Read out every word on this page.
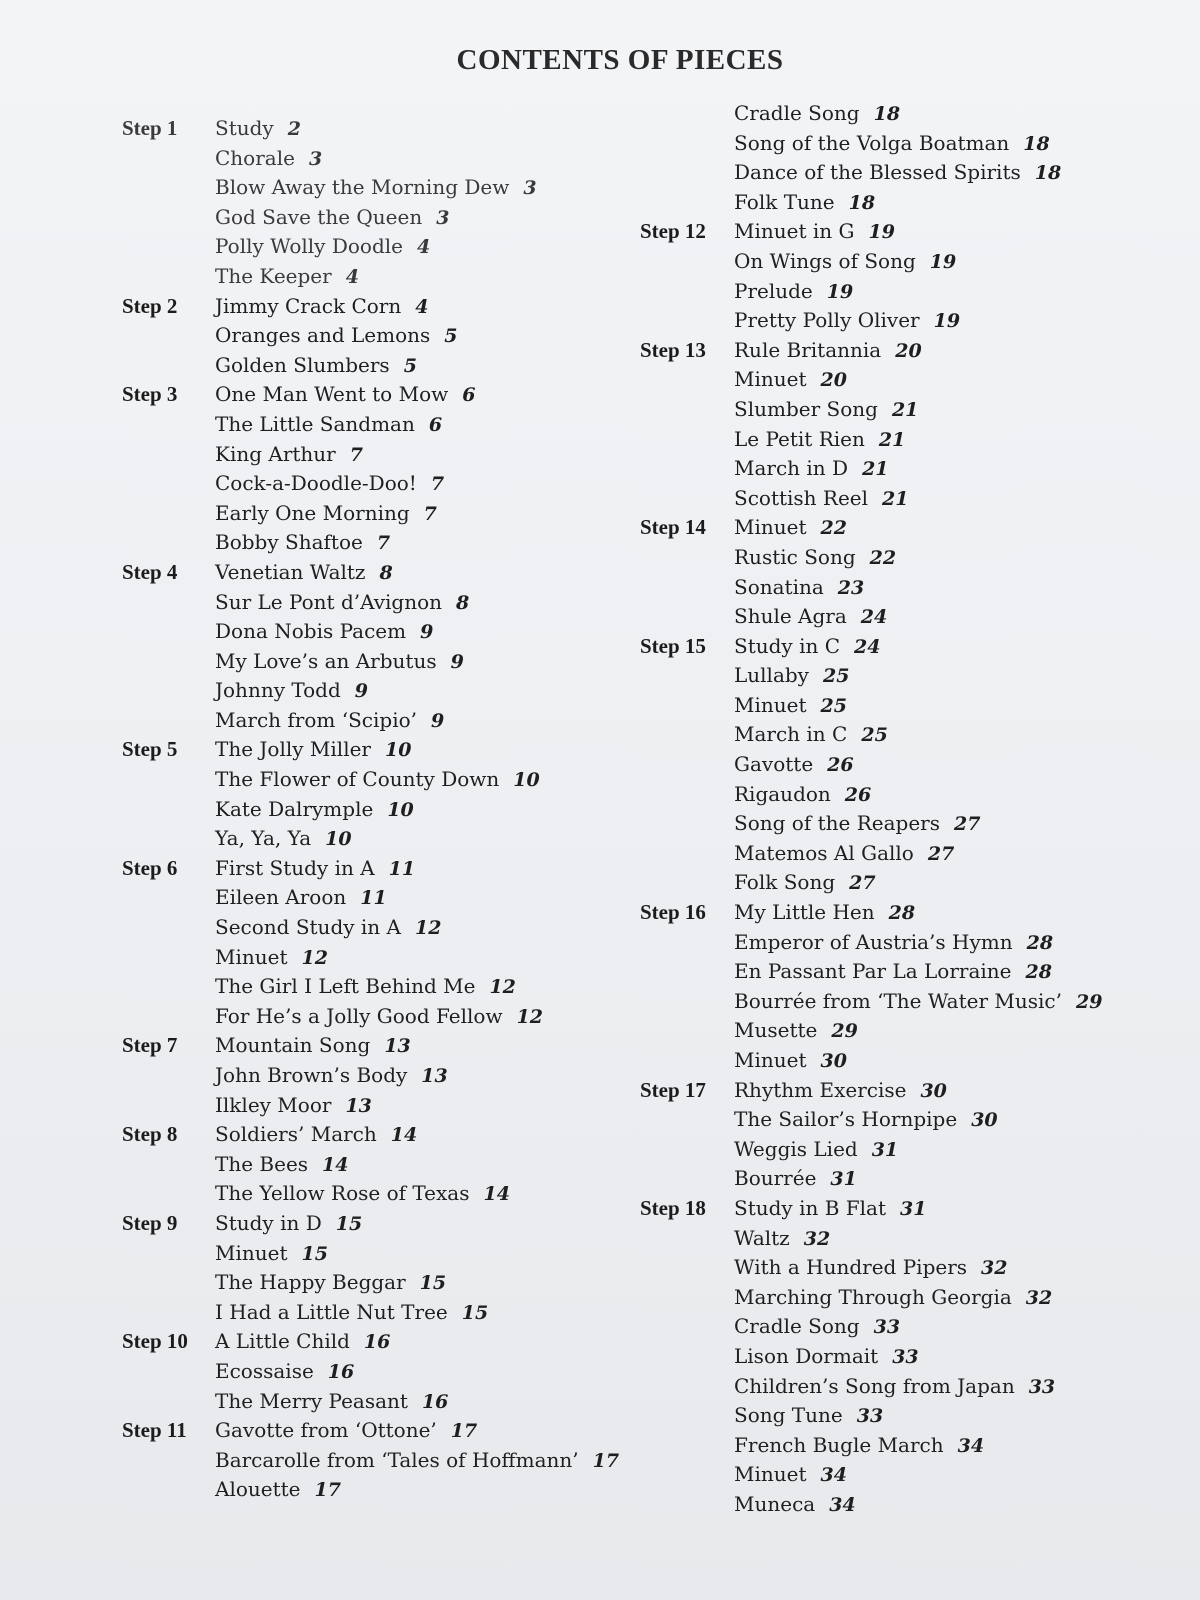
CONTENTS OF PIECES
Step 1	Study 2
Chorale 3
Blow Away the Morning Dew 3
God Save the Queen 3
Polly Wolly Doodle 4
The Keeper 4
Step 2	Jimmy Crack Corn 4
Oranges and Lemons 5
Golden Slumbers 5
Step 3	One Man Went to Mow 6
The Little Sandman 6
King Arthur 7
Cock-a-Doodle-Doo! 7
Early One Morning 7
Bobby Shaftoe 7
Step 4	Venetian Waltz 8
Sur Le Pont d’Avignon 8
Dona Nobis Pacem 9
My Love’s an Arbutus 9
Johnny Todd 9
March from ‘Scipio’ 9
Step 5	The Jolly Miller 10
The Flower of County Down 10
Kate Dalrymple 10
Ya, Ya, Ya 10
Step 6	First Study in A 11
Eileen Aroon 11
Second Study in A 12
Minuet 12
The Girl I Left Behind Me 12
For He’s a Jolly Good Fellow 12
Step 7	Mountain Song 13
John Brown’s Body 13
Ilkley Moor 13
Step 8	Soldiers’ March 14
The Bees 14
The Yellow Rose of Texas 14
Step 9	Study in D 15
Minuet 15
The Happy Beggar 15
I Had a Little Nut Tree 15
Step 10	A Little Child 16
Ecossaise 16
The Merry Peasant 16
Step 11	Gavotte from ‘Ottone’ 17
Barcarolle from ‘Tales of Hoffmann’ 17
Alouette 17
Cradle Song 18
Song of the Volga Boatman 18
Dance of the Blessed Spirits 18
Folk Tune 18
Step 12	Minuet in G 19
On Wings of Song 19
Prelude 19
Pretty Polly Oliver 19
Step 13	Rule Britannia 20
Minuet 20
Slumber Song 21
Le Petit Rien 21
March in D 21
Scottish Reel 21
Step 14	Minuet 22
Rustic Song 22
Sonatina 23
Shule Agra 24
Step 15	Study in C 24
Lullaby 25
Minuet 25
March in C 25
Gavotte 26
Rigaudon 26
Song of the Reapers 27
Matemos Al Gallo 27
Folk Song 27
Step 16	My Little Hen 28
Emperor of Austria’s Hymn 28
En Passant Par La Lorraine 28
Bourrée from ‘The Water Music’ 29
Musette 29
Minuet 30
Step 17	Rhythm Exercise 30
The Sailor’s Hornpipe 30
Weggis Lied 31
Bourrée 31
Step 18	Study in B Flat 31
Waltz 32
With a Hundred Pipers 32
Marching Through Georgia 32
Cradle Song 33
Lison Dormait 33
Children’s Song from Japan 33
Song Tune 33
French Bugle March 34
Minuet 34
Muneca 34
